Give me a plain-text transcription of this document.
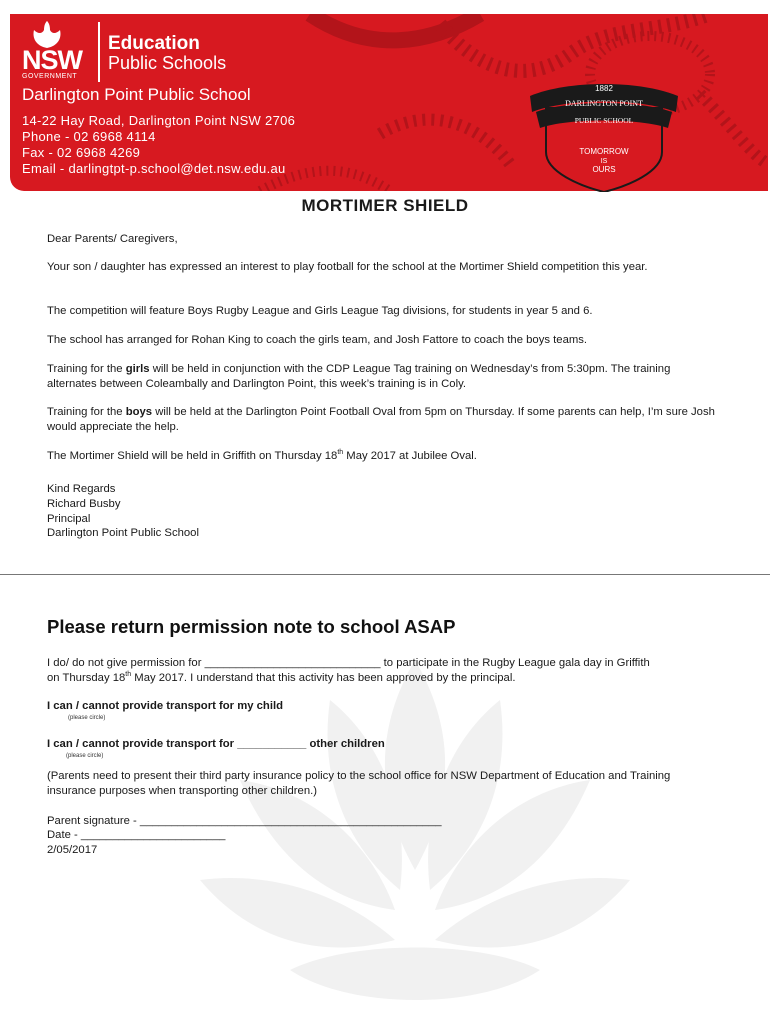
NSW
GOVERNMENT
Education
Public Schools
Darlington Point Public School
14-22 Hay Road, Darlington Point NSW 2706
Phone - 02 6968 4114
Fax - 02 6968 4269
Email - darlingtpt-p.school@det.nsw.edu.au
1882
DARLINGTON POINT
PUBLIC SCHOOL
TOMORROW
IS
OURS
MORTIMER SHIELD
Dear Parents/ Caregivers,
Your son / daughter has expressed an interest to play football for the school at the Mortimer Shield competition this year.
The competition will feature Boys Rugby League and Girls League Tag divisions, for students in year 5 and 6.
The school has arranged for Rohan King to coach the girls team, and Josh Fattore to coach the boys teams.
Training for the girls will be held in conjunction with the CDP League Tag training on Wednesday’s from 5:30pm. The training alternates between Coleambally and Darlington Point, this week’s training is in Coly.
Training for the boys will be held at the Darlington Point Football Oval from 5pm on Thursday. If some parents can help, I’m sure Josh would appreciate the help.
The Mortimer Shield will be held in Griffith on Thursday 18th May 2017 at Jubilee Oval.
Kind Regards
Richard Busby
Principal
Darlington Point Public School
Please return permission note to school ASAP
I do/ do not give permission for ____________________________ to participate in the Rugby League gala day in Griffith
on Thursday 18th May 2017. I understand that this activity has been approved by the principal.
I can / cannot provide transport for my child
(please circle)
I can / cannot provide transport for ___________ other children
(please circle)
(Parents need to present their third party insurance policy to the school office for NSW Department of Education and Training insurance purposes when transporting other children.)
Parent signature - ________________________________________________
Date - _______________________
2/05/2017
